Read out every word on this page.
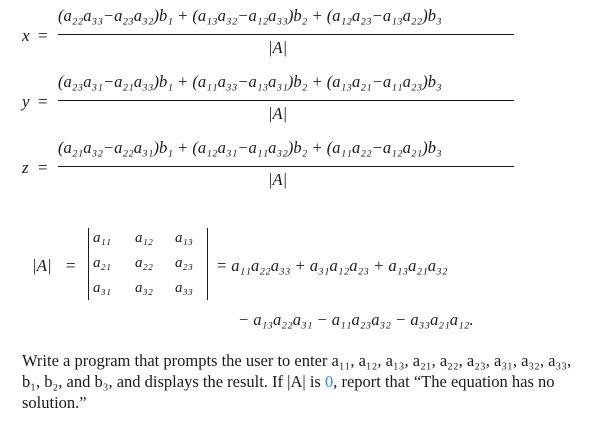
x =
(a₂₂a₃₃−a₂₃a₃₂)b₁ + (a₁₃a₃₂−a₁₂a₃₃)b₂ + (a₁₂a₂₃−a₁₃a₂₂)b₃
|A|
y =
(a₂₃a₃₁−a₂₁a₃₃)b₁ + (a₁₁a₃₃−a₁₃a₃₁)b₂ + (a₁₃a₂₁−a₁₁a₂₃)b₃
|A|
z =
(a₂₁a₃₂−a₂₂a₃₁)b₁ + (a₁₂a₃₁−a₁₁a₃₂)b₂ + (a₁₁a₂₂−a₁₂a₂₁)b₃
|A|
|A| =
a₁₁ a₁₂ a₁₃
a₂₁ a₂₂ a₂₃
a₃₁ a₃₂ a₃₃
= a₁₁a₂₂a₃₃ + a₃₁a₁₂a₂₃ + a₁₃a₂₁a₃₂
− a₁₃a₂₂a₃₁ − a₁₁a₂₃a₃₂ − a₃₃a₂₁a₁₂.
Write a program that prompts the user to enter a₁₁, a₁₂, a₁₃, a₂₁, a₂₂, a₂₃, a₃₁, a₃₂, a₃₃, b₁, b₂, and b₃, and displays the result. If |A| is 0, report that “The equation has no solution.”
